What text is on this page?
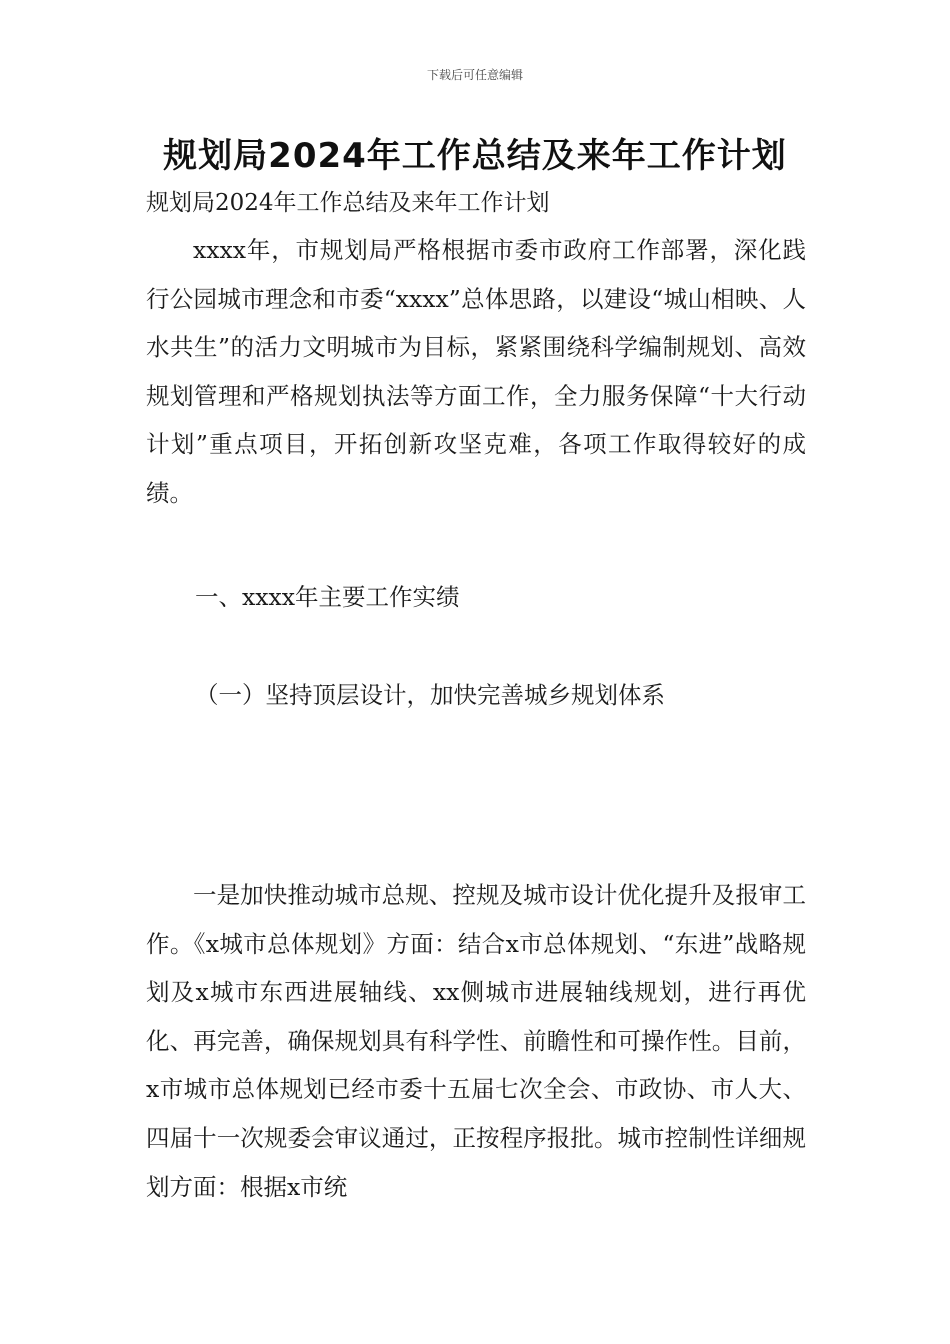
下载后可任意编辑
规划局2024年工作总结及来年工作计划
规划局2024年工作总结及来年工作计划

xxxx年，市规划局严格根据市委市政府工作部署，深化践行公园城市理念和市委“xxxx”总体思路，以建设“城山相映、人水共生”的活力文明城市为目标，紧紧围绕科学编制规划、高效规划管理和严格规划执法等方面工作，全力服务保障“十大行动计划”重点项目，开拓创新攻坚克难，各项工作取得较好的成绩。

一、xxxx年主要工作实绩
（一）坚持顶层设计，加快完善城乡规划体系

一是加快推动城市总规、控规及城市设计优化提升及报审工作。《x城市总体规划》方面：结合x市总体规划、“东进”战略规划及x城市东西进展轴线、xx侧城市进展轴线规划，进行再优化、再完善，确保规划具有科学性、前瞻性和可操作性。目前，x市城市总体规划已经市委十五届七次全会、市政协、市人大、四届十一次规委会审议通过，正按程序报批。城市控制性详细规划方面：根据x市统
